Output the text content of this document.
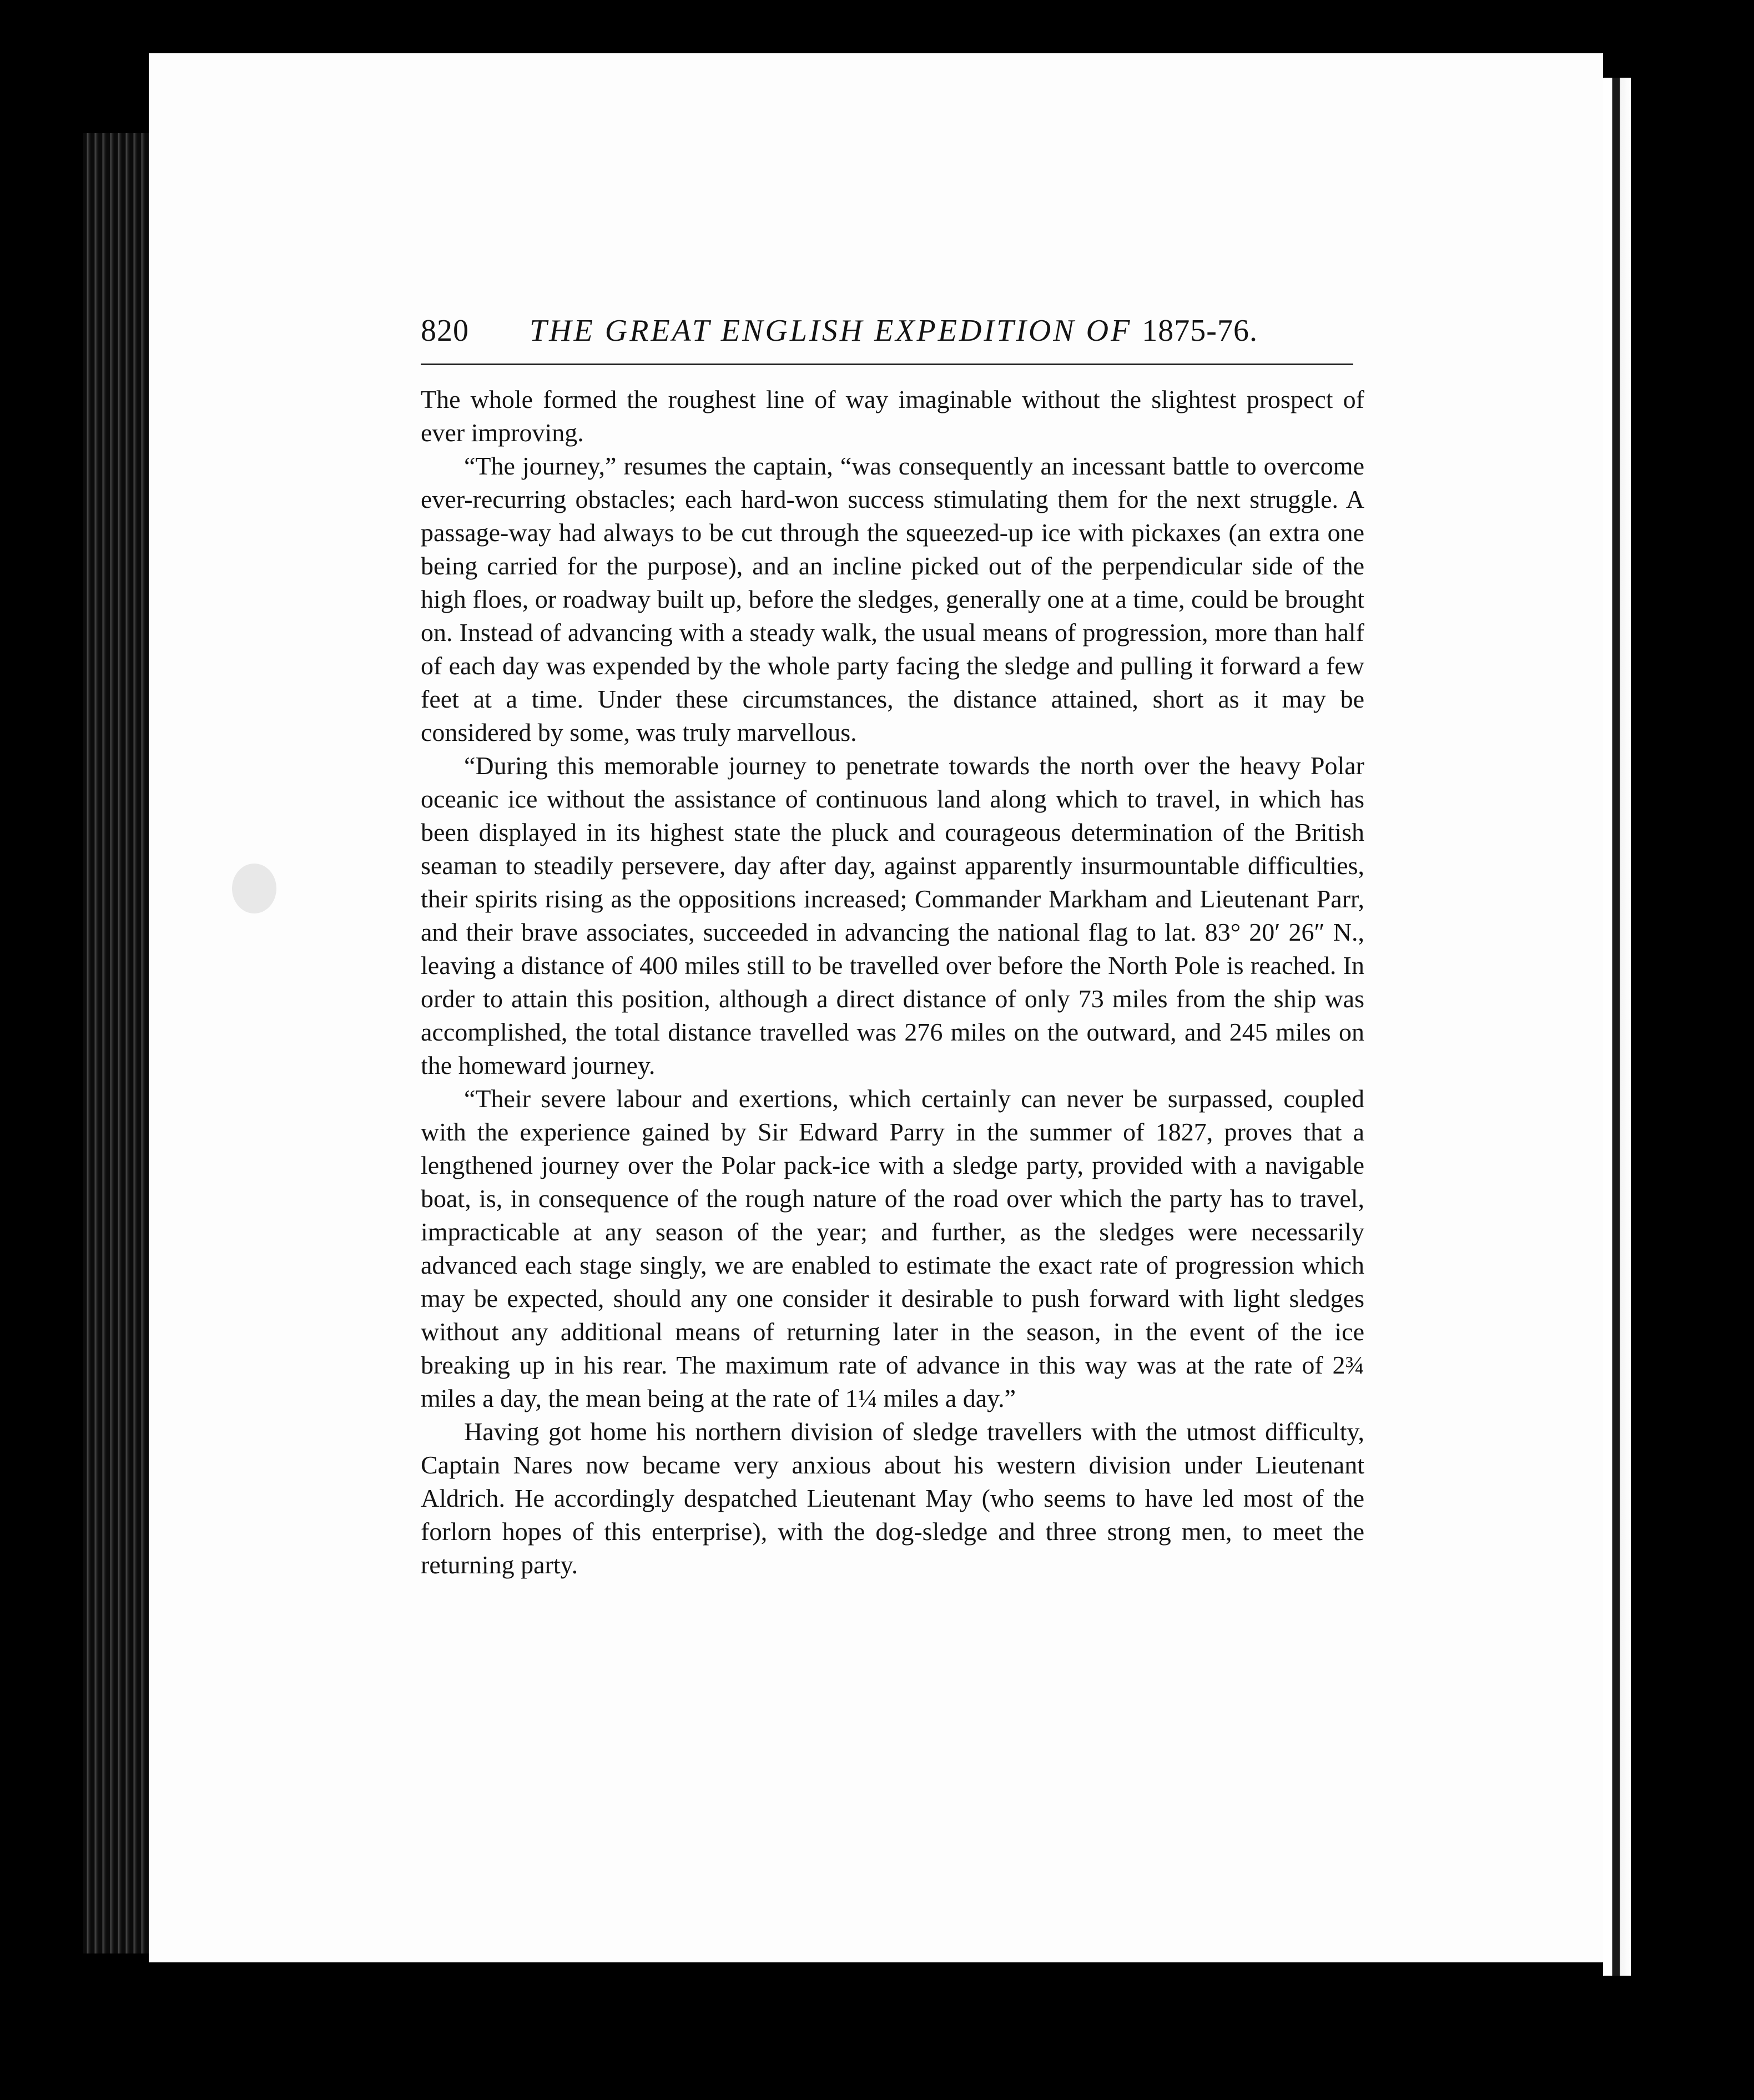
820 THE GREAT ENGLISH EXPEDITION OF 1875-76.

The whole formed the roughest line of way imaginable without the slightest prospect of ever improving.

“The journey,” resumes the captain, “was consequently an incessant battle to overcome ever-recurring obstacles; each hard-won success stimulating them for the next struggle. A passage-way had always to be cut through the squeezed-up ice with pickaxes (an extra one being carried for the purpose), and an incline picked out of the perpendicular side of the high floes, or roadway built up, before the sledges, generally one at a time, could be brought on. Instead of advancing with a steady walk, the usual means of progression, more than half of each day was expended by the whole party facing the sledge and pulling it forward a few feet at a time. Under these circumstances, the distance attained, short as it may be considered by some, was truly marvellous.

“During this memorable journey to penetrate towards the north over the heavy Polar oceanic ice without the assistance of continuous land along which to travel, in which has been displayed in its highest state the pluck and courageous determination of the British seaman to steadily persevere, day after day, against apparently insurmountable difficulties, their spirits rising as the oppositions increased; Commander Markham and Lieutenant Parr, and their brave associates, succeeded in advancing the national flag to lat. 83° 20′ 26″ N., leaving a distance of 400 miles still to be travelled over before the North Pole is reached. In order to attain this position, although a direct distance of only 73 miles from the ship was accomplished, the total distance travelled was 276 miles on the outward, and 245 miles on the homeward journey.

“Their severe labour and exertions, which certainly can never be surpassed, coupled with the experience gained by Sir Edward Parry in the summer of 1827, proves that a lengthened journey over the Polar pack-ice with a sledge party, provided with a navigable boat, is, in consequence of the rough nature of the road over which the party has to travel, impracticable at any season of the year; and further, as the sledges were necessarily advanced each stage singly, we are enabled to estimate the exact rate of progression which may be expected, should any one consider it desirable to push forward with light sledges without any additional means of returning later in the season, in the event of the ice breaking up in his rear. The maximum rate of advance in this way was at the rate of 2¾ miles a day, the mean being at the rate of 1¼ miles a day.”

Having got home his northern division of sledge travellers with the utmost difficulty, Captain Nares now became very anxious about his western division under Lieutenant Aldrich. He accordingly despatched Lieutenant May (who seems to have led most of the forlorn hopes of this enterprise), with the dog-sledge and three strong men, to meet the returning party.
